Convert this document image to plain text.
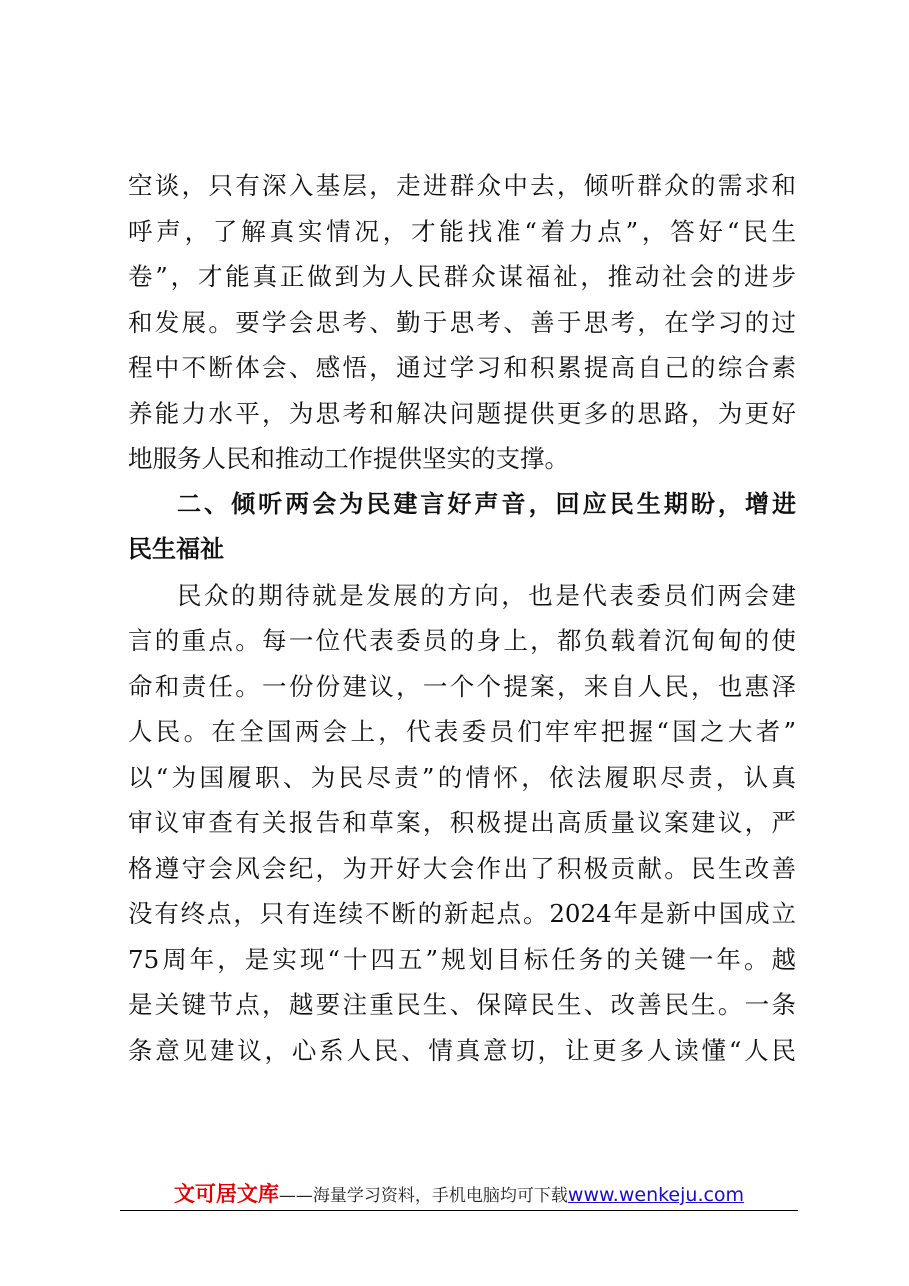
空谈，只有深入基层，走进群众中去，倾听群众的需求和
呼声，了解真实情况，才能找准“着力点”，答好“民生
卷”，才能真正做到为人民群众谋福祉，推动社会的进步
和发展。要学会思考、勤于思考、善于思考，在学习的过
程中不断体会、感悟，通过学习和积累提高自己的综合素
养能力水平，为思考和解决问题提供更多的思路，为更好
地服务人民和推动工作提供坚实的支撑。
二、倾听两会为民建言好声音，回应民生期盼，增进
民生福祉
民众的期待就是发展的方向，也是代表委员们两会建
言的重点。每一位代表委员的身上，都负载着沉甸甸的使
命和责任。一份份建议，一个个提案，来自人民，也惠泽
人民。在全国两会上，代表委员们牢牢把握“国之大者”
以“为国履职、为民尽责”的情怀，依法履职尽责，认真
审议审查有关报告和草案，积极提出高质量议案建议，严
格遵守会风会纪，为开好大会作出了积极贡献。民生改善
没有终点，只有连续不断的新起点。2024年是新中国成立
75周年，是实现“十四五”规划目标任务的关键一年。越
是关键节点，越要注重民生、保障民生、改善民生。一条
条意见建议，心系人民、情真意切，让更多人读懂“人民
文可居文库——海量学习资料，手机电脑均可下载www.wenkeju.com
